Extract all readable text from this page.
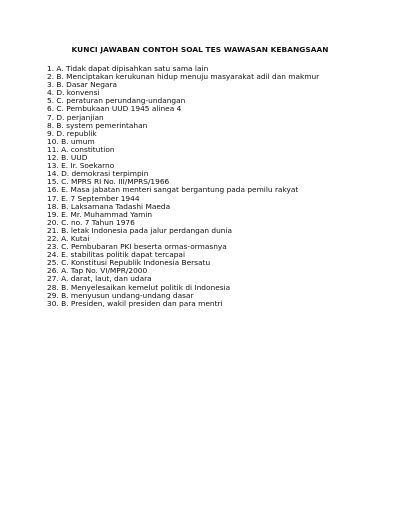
KUNCI JAWABAN CONTOH SOAL TES WAWASAN KEBANGSAAN
1. A. Tidak dapat dipisahkan satu sama lain
2. B. Menciptakan kerukunan hidup menuju masyarakat adil dan makmur
3. B. Dasar Negara
4. D. konvensi
5. C. peraturan perundang-undangan
6. C. Pembukaan UUD 1945 alinea 4
7. D. perjanjian
8. B. system pemerintahan
9. D. republik
10. B. umum
11. A. constitution
12. B. UUD
13. E. Ir. Soekarno
14. D. demokrasi terpimpin
15. C. MPRS RI No. III/MPRS/1966
16. E. Masa jabatan menteri sangat bergantung pada pemilu rakyat
17. E. 7 September 1944
18. B. Laksamana Tadashi Maeda
19. E. Mr. Muhammad Yamin
20. C. no. 7 Tahun 1976
21. B. letak Indonesia pada jalur perdangan dunia
22. A. Kutai
23. C. Pembubaran PKI beserta ormas-ormasnya
24. E. stabilitas politik dapat tercapai
25. C. Konstitusi Republik Indonesia Bersatu
26. A. Tap No. VI/MPR/2000
27. A. darat, laut, dan udara
28. B. Menyelesaikan kemelut politik di Indonesia
29. B. menyusun undang-undang dasar
30. B. Presiden, wakil presiden dan para mentri
